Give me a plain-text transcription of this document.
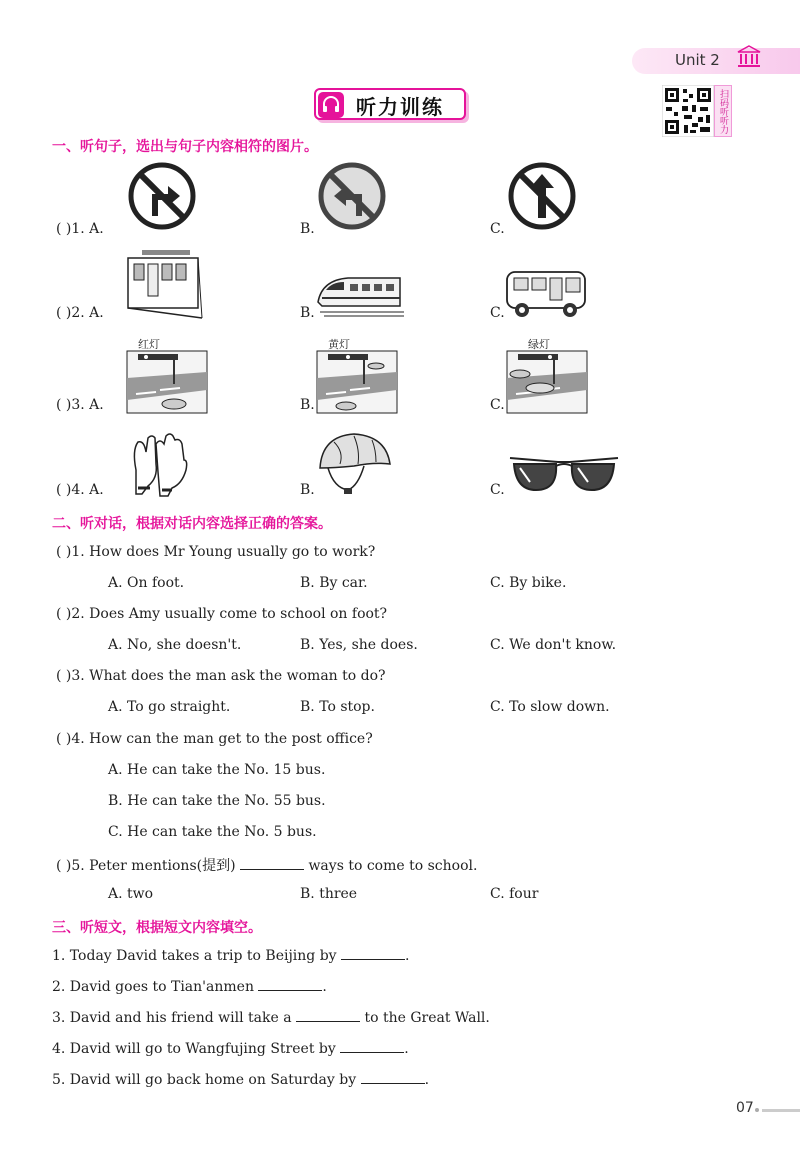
Unit 2
听力训练	扫码听听力
一、听句子，选出与句子内容相符的图片。
( )1. A.	B.	C.
( )2. A.	B.	C.
( )3. A.	B.	C.
( )4. A.	B.	C.
红灯	黄灯	绿灯
二、听对话，根据对话内容选择正确的答案。
( )1. How does Mr Young usually go to work?
A. On foot.	B. By car.	C. By bike.
( )2. Does Amy usually come to school on foot?
A. No, she doesn't.	B. Yes, she does.	C. We don't know.
( )3. What does the man ask the woman to do?
A. To go straight.	B. To stop.	C. To slow down.
( )4. How can the man get to the post office?
A. He can take the No. 15 bus.
B. He can take the No. 55 bus.
C. He can take the No. 5 bus.
( )5. Peter mentions(提到)	ways to come to school.
A. two	B. three	C. four
三、听短文，根据短文内容填空。
1. Today David takes a trip to Beijing by	.
2. David goes to Tian'anmen	.
3. David and his friend will take a	to the Great Wall.
4. David will go to Wangfujing Street by	.
5. David will go back home on Saturday by	.
07
